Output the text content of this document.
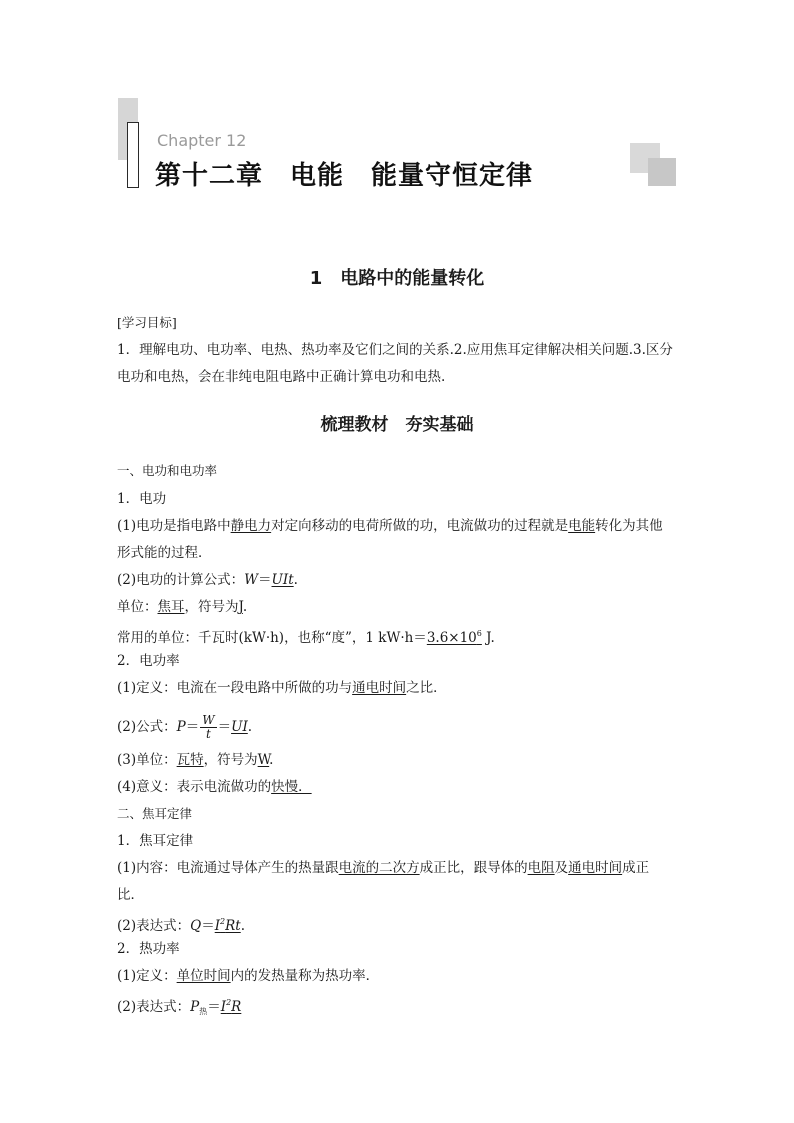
Chapter 12
第十二章　电能　能量守恒定律
1　电路中的能量转化
[学习目标]
1．理解电功、电功率、电热、热功率及它们之间的关系.2.应用焦耳定律解决相关问题.3.区分
电功和电热，会在非纯电阻电路中正确计算电功和电热.
梳理教材　夯实基础
一、电功和电功率
1．电功
(1)电功是指电路中静电力对定向移动的电荷所做的功，电流做功的过程就是电能转化为其他
形式能的过程．
(2)电功的计算公式：W＝UIt.
单位：焦耳，符号为J.
常用的单位：千瓦时(kW·h)，也称“度”，1 $kW\cdot h=3.6\times 10^6$ J.
2．电功率
(1)定义：电流在一段电路中所做的功与通电时间之比．
(2)公式：$P= \frac{W}{t} =UI$.
(3)单位：瓦特，符号为W.
(4)意义：表示电流做功的快慢．
二、焦耳定律
1．焦耳定律
(1)内容：电流通过导体产生的热量跟电流的二次方成正比，跟导体的电阻及通电时间成正
比．
(2)表达式：$Q=I^2Rt$.
2．热功率
(1)定义：单位时间内的发热量称为热功率．
(2)表达式：$P_热=I^2R$
